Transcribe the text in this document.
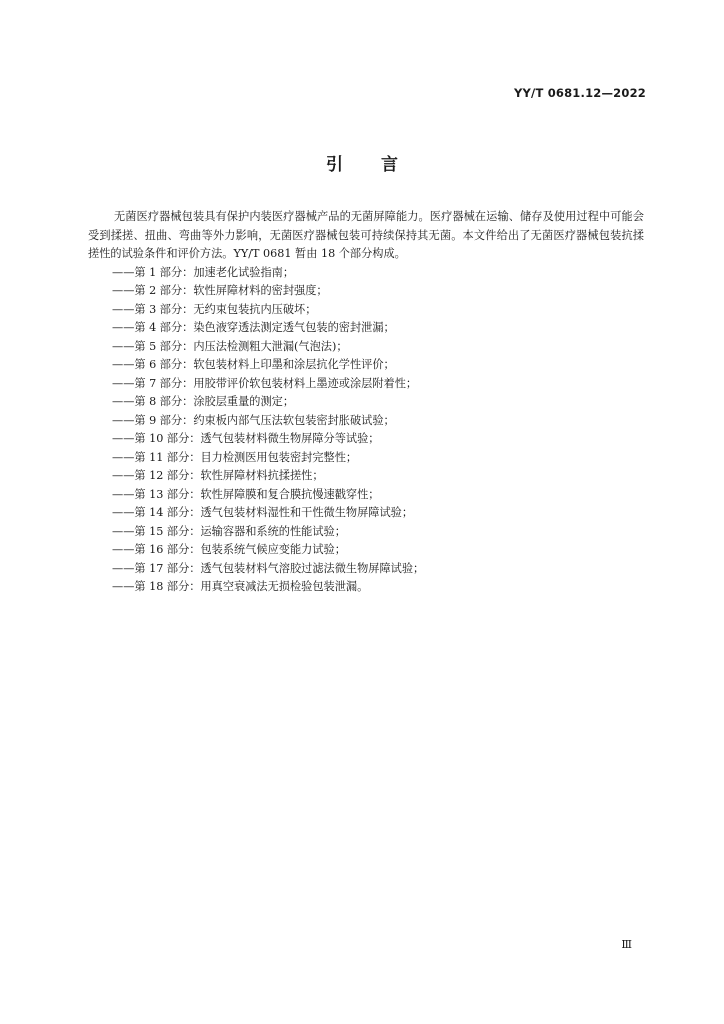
YY/T 0681.12—2022
引言

无菌医疗器械包装具有保护内装医疗器械产品的无菌屏障能力。医疗器械在运输、储存及使用过程中可能会受到揉搓、扭曲、弯曲等外力影响，无菌医疗器械包装可持续保持其无菌。本文件给出了无菌医疗器械包装抗揉搓性的试验条件和评价方法。YY/T 0681 暂由 18 个部分构成。

——第 1 部分：加速老化试验指南；
——第 2 部分：软性屏障材料的密封强度；
——第 3 部分：无约束包装抗内压破坏；
——第 4 部分：染色液穿透法测定透气包装的密封泄漏；
——第 5 部分：内压法检测粗大泄漏(气泡法)；
——第 6 部分：软包装材料上印墨和涂层抗化学性评价；
——第 7 部分：用胶带评价软包装材料上墨迹或涂层附着性；
——第 8 部分：涂胶层重量的测定；
——第 9 部分：约束板内部气压法软包装密封胀破试验；
——第 10 部分：透气包装材料微生物屏障分等试验；
——第 11 部分：目力检测医用包装密封完整性；
——第 12 部分：软性屏障材料抗揉搓性；
——第 13 部分：软性屏障膜和复合膜抗慢速戳穿性；
——第 14 部分：透气包装材料湿性和干性微生物屏障试验；
——第 15 部分：运输容器和系统的性能试验；
——第 16 部分：包装系统气候应变能力试验；
——第 17 部分：透气包装材料气溶胶过滤法微生物屏障试验；
——第 18 部分：用真空衰减法无损检验包装泄漏。
Ⅲ
